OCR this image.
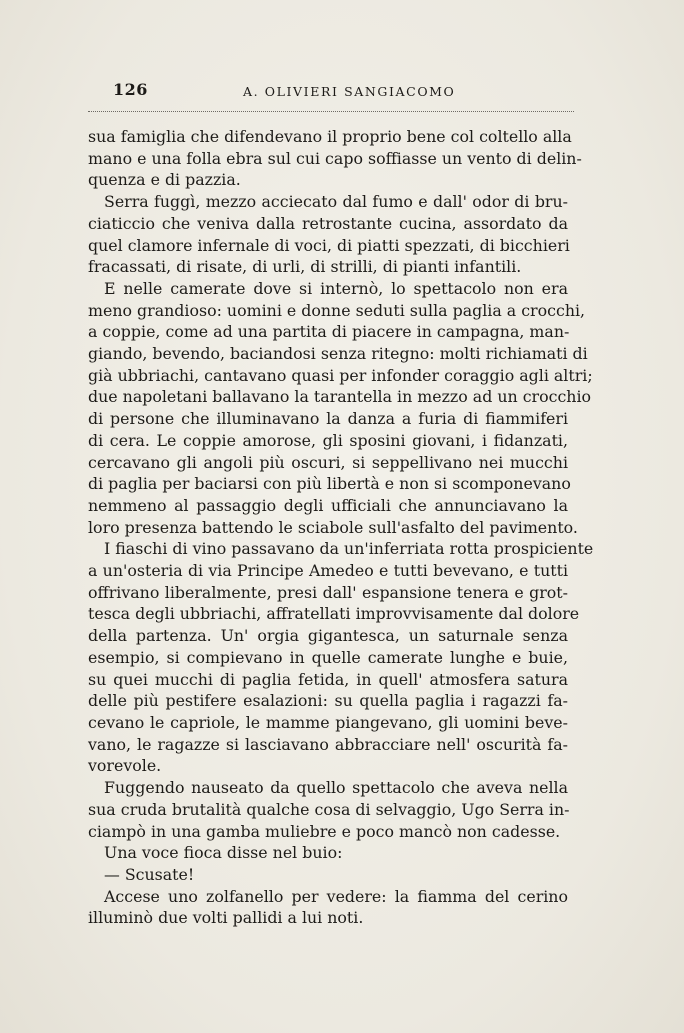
126	A. OLIVIERI SANGIACOMO
sua famiglia che difendevano il proprio bene col coltello alla
mano e una folla ebra sul cui capo soffiasse un vento di delin-
quenza e di pazzia.
Serra fuggì, mezzo acciecato dal fumo e dall' odor di bru-
ciaticcio che veniva dalla retrostante cucina, assordato da
quel clamore infernale di voci, di piatti spezzati, di bicchieri
fracassati, di risate, di urli, di strilli, di pianti infantili.
E nelle camerate dove si internò, lo spettacolo non era
meno grandioso: uomini e donne seduti sulla paglia a crocchi,
a coppie, come ad una partita di piacere in campagna, man-
giando, bevendo, baciandosi senza ritegno: molti richiamati di
già ubbriachi, cantavano quasi per infonder coraggio agli altri;
due napoletani ballavano la tarantella in mezzo ad un crocchio
di persone che illuminavano la danza a furia di fiammiferi
di cera. Le coppie amorose, gli sposini giovani, i fidanzati,
cercavano gli angoli più oscuri, si seppellivano nei mucchi
di paglia per baciarsi con più libertà e non si scomponevano
nemmeno al passaggio degli ufficiali che annunciavano la
loro presenza battendo le sciabole sull'asfalto del pavimento.
I fiaschi di vino passavano da un'inferriata rotta prospiciente
a un'osteria di via Principe Amedeo e tutti bevevano, e tutti
offrivano liberalmente, presi dall' espansione tenera e grot-
tesca degli ubbriachi, affratellati improvvisamente dal dolore
della partenza. Un' orgia gigantesca, un saturnale senza
esempio, si compievano in quelle camerate lunghe e buie,
su quei mucchi di paglia fetida, in quell' atmosfera satura
delle più pestifere esalazioni: su quella paglia i ragazzi fa-
cevano le capriole, le mamme piangevano, gli uomini beve-
vano, le ragazze si lasciavano abbracciare nell' oscurità fa-
vorevole.
Fuggendo nauseato da quello spettacolo che aveva nella
sua cruda brutalità qualche cosa di selvaggio, Ugo Serra in-
ciampò in una gamba muliebre e poco mancò non cadesse.
Una voce fioca disse nel buio:
— Scusate!
Accese uno zolfanello per vedere: la fiamma del cerino
illuminò due volti pallidi a lui noti.
